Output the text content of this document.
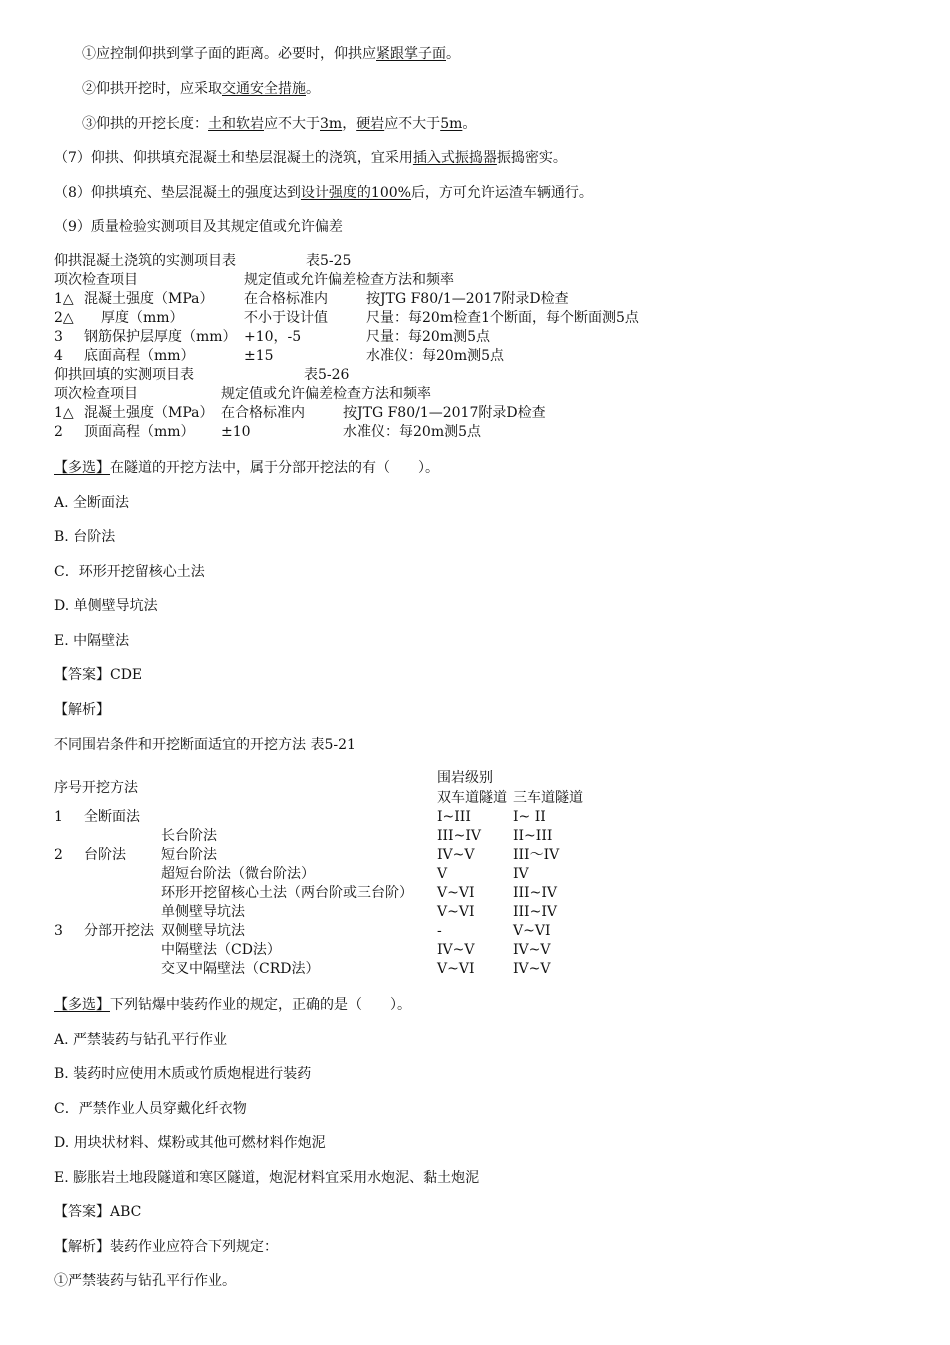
①应控制仰拱到掌子面的距离。必要时，仰拱应紧跟掌子面。
②仰拱开挖时，应采取交通安全措施。
③仰拱的开挖长度：土和软岩应不大于3m，硬岩应不大于5m。
（7）仰拱、仰拱填充混凝土和垫层混凝土的浇筑，宜采用插入式振捣器振捣密实。
（8）仰拱填充、垫层混凝土的强度达到设计强度的100%后，方可允许运渣车辆通行。
（9）质量检验实测项目及其规定值或允许偏差
仰拱混凝土浇筑的实测项目表	表5-25
项次检查项目	规定值或允许偏差检查方法和频率
1△ 混凝土强度（MPa） 在合格标准内	按JTG F80/1—2017附录D检查
2△ 厚度（mm）	不小于设计值	尺量：每20m检查1个断面，每个断面测5点
3 钢筋保护层厚度（mm） +10，-5	尺量：每20m测5点
4 底面高程（mm）	±15	水准仪：每20m测5点
仰拱回填的实测项目表	表5-26
项次检查项目	规定值或允许偏差检查方法和频率
1△ 混凝土强度（MPa） 在合格标准内	按JTG F80/1—2017附录D检查
2 顶面高程（mm） ±10	水准仪：每20m测5点
【多选】在隧道的开挖方法中，属于分部开挖法的有（　　）。
A. 全断面法
B. 台阶法
C．环形开挖留核心土法
D. 单侧壁导坑法
E. 中隔壁法
【答案】CDE
【解析】
不同围岩条件和开挖断面适宜的开挖方法 表5-21
序号开挖方法
围岩级别
双车道隧道 三车道隧道
1 全断面法	I~III	I~ II
长台阶法	III~IV II~III
2 台阶法	短台阶法	IV~V	III～IV
超短台阶法（微台阶法）	V	IV
环形开挖留核心土法（两台阶或三台阶） V~VI	III~IV
单侧壁导坑法	V~VI	III~IV
3 分部开挖法 双侧壁导坑法	-	V~VI
中隔壁法（CD法）	IV~V	IV~V
交叉中隔壁法（CRD法）	V~VI	IV~V
【多选】下列钻爆中装药作业的规定，正确的是（　　）。
A. 严禁装药与钻孔平行作业
B. 装药时应使用木质或竹质炮棍进行装药
C．严禁作业人员穿戴化纤衣物
D. 用块状材料、煤粉或其他可燃材料作炮泥
E. 膨胀岩土地段隧道和寒区隧道，炮泥材料宜采用水炮泥、黏土炮泥
【答案】ABC
【解析】装药作业应符合下列规定：
①严禁装药与钻孔平行作业。
